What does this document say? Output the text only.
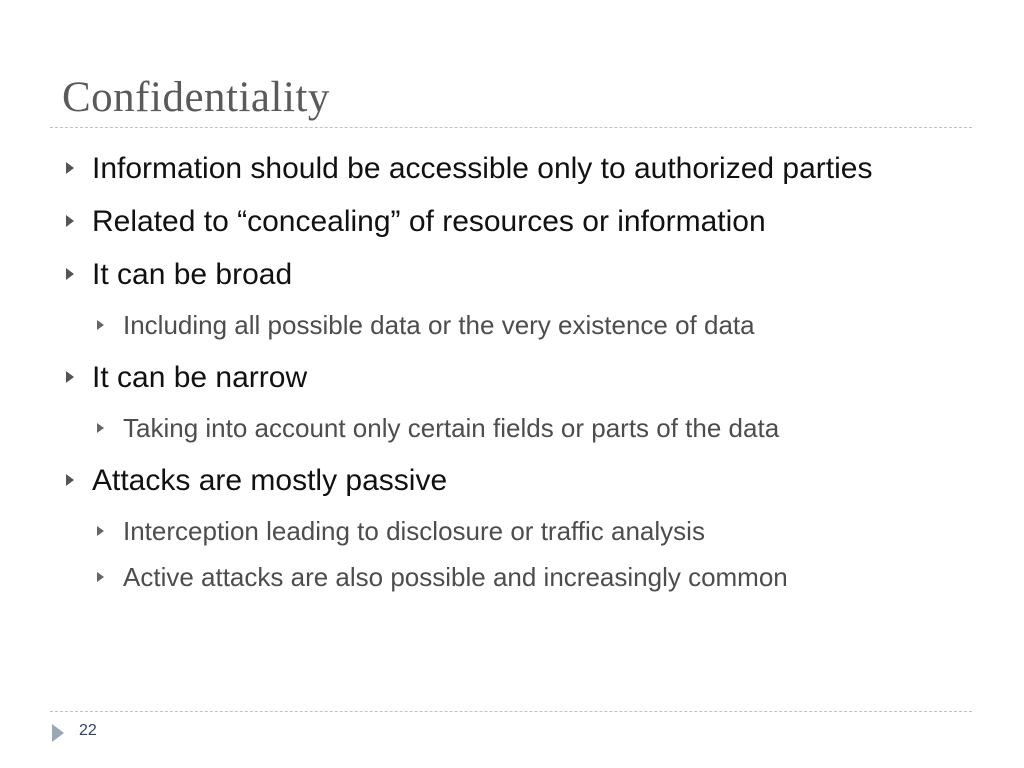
Confidentiality
Information should be accessible only to authorized parties
Related to “concealing” of resources or information
It can be broad
Including all possible data or the very existence of data
It can be narrow
Taking into account only certain fields or parts of the data
Attacks are mostly passive
Interception leading to disclosure or traffic analysis
Active attacks are also possible and increasingly common
22
